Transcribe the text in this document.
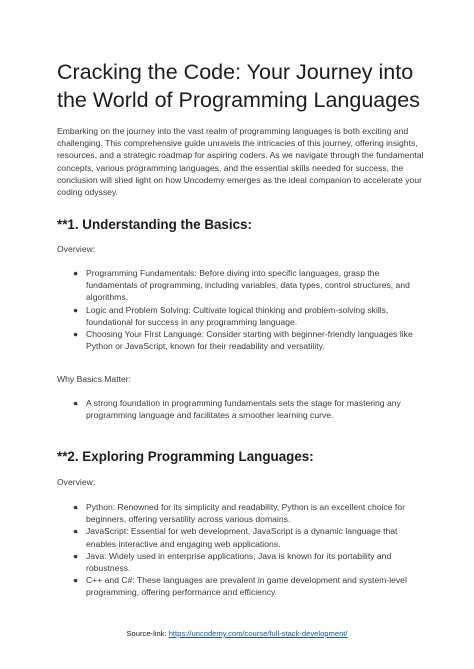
Cracking the Code: Your Journey into the World of Programming Languages

Embarking on the journey into the vast realm of programming languages is both exciting and challenging. This comprehensive guide unravels the intricacies of this journey, offering insights, resources, and a strategic roadmap for aspiring coders. As we navigate through the fundamental concepts, various programming languages, and the essential skills needed for success, the conclusion will shed light on how Uncodemy emerges as the ideal companion to accelerate your coding odyssey.

**1. Understanding the Basics:

Overview:

● Programming Fundamentals: Before diving into specific languages, grasp the fundamentals of programming, including variables, data types, control structures, and algorithms.
● Logic and Problem Solving: Cultivate logical thinking and problem-solving skills, foundational for success in any programming language.
● Choosing Your First Language: Consider starting with beginner-friendly languages like Python or JavaScript, known for their readability and versatility.

Why Basics Matter:

● A strong foundation in programming fundamentals sets the stage for mastering any programming language and facilitates a smoother learning curve.
**2. Exploring Programming Languages:

Overview:

● Python: Renowned for its simplicity and readability, Python is an excellent choice for beginners, offering versatility across various domains.
● JavaScript: Essential for web development, JavaScript is a dynamic language that enables interactive and engaging web applications.
● Java: Widely used in enterprise applications, Java is known for its portability and robustness.
● C++ and C#: These languages are prevalent in game development and system-level programming, offering performance and efficiency.
Source-link: https://uncodemy.com/course/full-stack-development/
